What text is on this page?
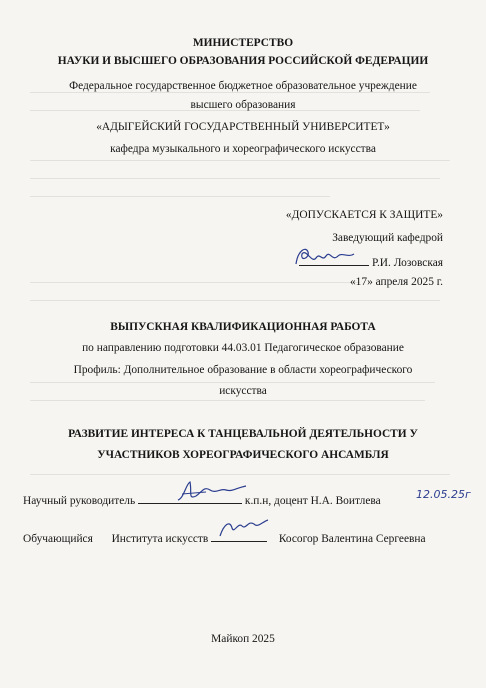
МИНИСТЕРСТВО
НАУКИ И ВЫСШЕГО ОБРАЗОВАНИЯ РОССИЙСКОЙ ФЕДЕРАЦИИ
Федеральное государственное бюджетное образовательное учреждение
высшего образования
«АДЫГЕЙСКИЙ ГОСУДАРСТВЕННЫЙ УНИВЕРСИТЕТ»
кафедра музыкального и хореографического искусства
«ДОПУСКАЕТСЯ К ЗАЩИТЕ»
Заведующий кафедрой
Р.И. Лозовская
«17» апреля 2025 г.
ВЫПУСКНАЯ КВАЛИФИКАЦИОННАЯ РАБОТА
по направлению подготовки 44.03.01 Педагогическое образование
Профиль: Дополнительное образование в области хореографического
искусства
РАЗВИТИЕ ИНТЕРЕСА К ТАНЦЕВАЛЬНОЙ ДЕЯТЕЛЬНОСТИ У
УЧАСТНИКОВ ХОРЕОГРАФИЧЕСКОГО АНСАМБЛЯ
Научный руководитель	к.п.н, доцент Н.А. Воитлева	12.05.25г
Обучающийся Института искусств	Косогор Валентина Сергеевна
Майкоп 2025
